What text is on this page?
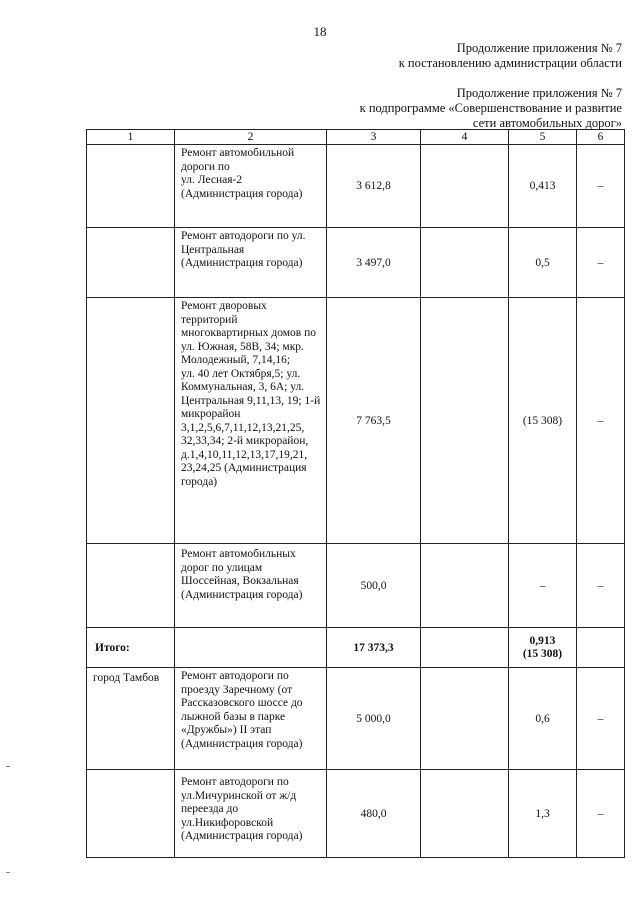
18
Продолжение приложения № 7
к постановлению администрации области
Продолжение приложения № 7
к подпрограмме «Совершенствование и развитие
сети автомобильных дорог»
1	2	3	4	5	6
	Ремонт автомобильной дороги по
ул. Лесная-2
(Администрация города)	3 612,8		0,413	–
	Ремонт автодороги по ул. Центральная
(Администрация города)	3 497,0		0,5	–
	Ремонт дворовых территорий многоквартирных домов по ул. Южная, 58В, 34; мкр. Молодежный, 7,14,16;
ул. 40 лет Октября,5; ул. Коммунальная, 3, 6А; ул. Центральная 9,11,13, 19; 1-й микрорайон 3,1,2,5,6,7,11,12,13,21,25, 32,33,34; 2-й микрорайон, д.1,4,10,11,12,13,17,19,21, 23,24,25 (Администрация города)	7 763,5		(15 308)	–
	Ремонт автомобильных дорог по улицам Шоссейная, Вокзальная (Администрация города)	500,0		–	–
Итого:		17 373,3		0,913
(15 308)	
город Тамбов	Ремонт автодороги по проезду Заречному (от Рассказовского шоссе до лыжной базы в парке «Дружбы») II этап (Администрация города)	5 000,0		0,6	–
	Ремонт автодороги по ул.Мичуринской от ж/д переезда до ул.Никифоровской (Администрация города)	480,0		1,3	–
